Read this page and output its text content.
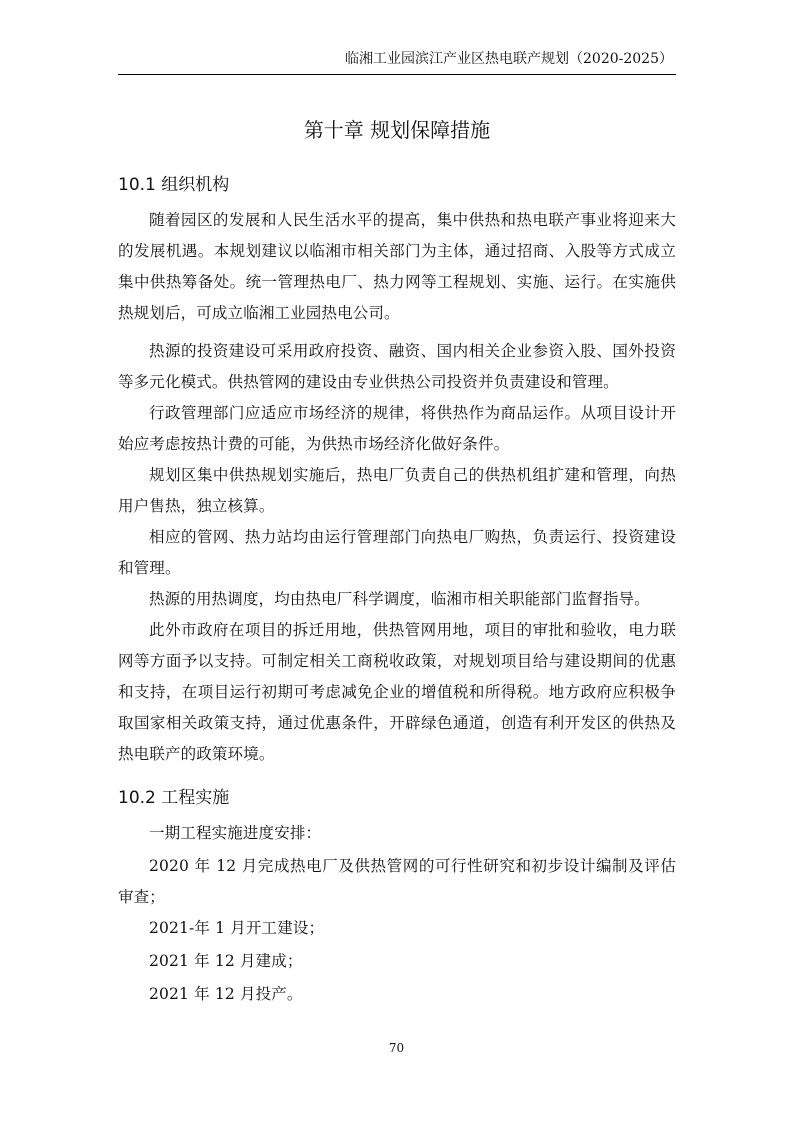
临湘工业园滨江产业区热电联产规划（2020-2025）
第十章 规划保障措施
10.1 组织机构

随着园区的发展和人民生活水平的提高，集中供热和热电联产事业将迎来大的发展机遇。本规划建议以临湘市相关部门为主体，通过招商、入股等方式成立集中供热筹备处。统一管理热电厂、热力网等工程规划、实施、运行。在实施供热规划后，可成立临湘工业园热电公司。

热源的投资建设可采用政府投资、融资、国内相关企业参资入股、国外投资等多元化模式。供热管网的建设由专业供热公司投资并负责建设和管理。

行政管理部门应适应市场经济的规律，将供热作为商品运作。从项目设计开始应考虑按热计费的可能，为供热市场经济化做好条件。

规划区集中供热规划实施后，热电厂负责自己的供热机组扩建和管理，向热用户售热，独立核算。

相应的管网、热力站均由运行管理部门向热电厂购热，负责运行、投资建设和管理。

热源的用热调度，均由热电厂科学调度，临湘市相关职能部门监督指导。

此外市政府在项目的拆迁用地，供热管网用地，项目的审批和验收，电力联网等方面予以支持。可制定相关工商税收政策，对规划项目给与建设期间的优惠和支持，在项目运行初期可考虑减免企业的增值税和所得税。地方政府应积极争取国家相关政策支持，通过优惠条件，开辟绿色通道，创造有利开发区的供热及热电联产的政策环境。

10.2 工程实施

一期工程实施进度安排：

2020 年 12 月完成热电厂及供热管网的可行性研究和初步设计编制及评估审查；

2021-年 1 月开工建设；

2021 年 12 月建成；

2021 年 12 月投产。

70
